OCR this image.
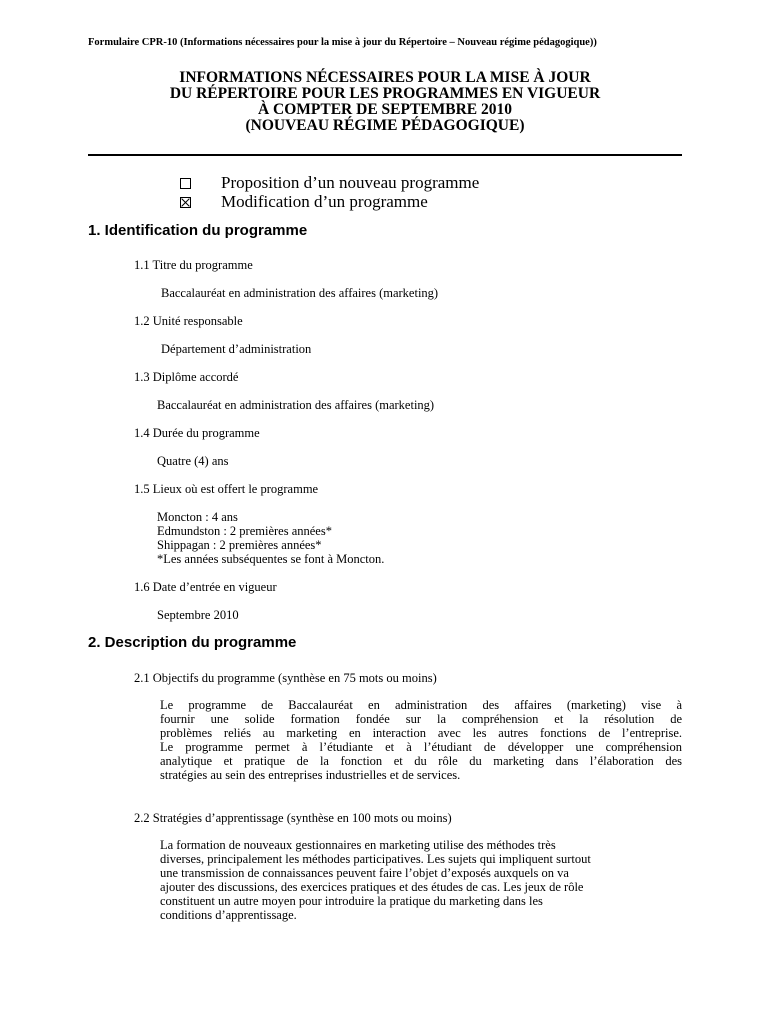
Formulaire CPR-10 (Informations nécessaires pour la mise à jour du Répertoire – Nouveau régime pédagogique))
INFORMATIONS NÉCESSAIRES POUR LA MISE À JOUR
DU RÉPERTOIRE POUR LES PROGRAMMES EN VIGUEUR
À COMPTER DE SEPTEMBRE 2010
(NOUVEAU RÉGIME PÉDAGOGIQUE)
Proposition d’un nouveau programme
Modification d’un programme
1. Identification du programme
1.1 Titre du programme
Baccalauréat en administration des affaires (marketing)
1.2 Unité responsable
Département d’administration
1.3 Diplôme accordé
Baccalauréat en administration des affaires (marketing)
1.4 Durée du programme
Quatre (4) ans
1.5 Lieux où est offert le programme
Moncton : 4 ans
Edmundston : 2 premières années*
Shippagan : 2 premières années*
*Les années subséquentes se font à Moncton.
1.6 Date d’entrée en vigueur
Septembre 2010
2. Description du programme
2.1 Objectifs du programme (synthèse en 75 mots ou moins)
Le programme de Baccalauréat en administration des affaires (marketing) vise à
fournir une solide formation fondée sur la compréhension et la résolution de
problèmes reliés au marketing en interaction avec les autres fonctions de l’entreprise.
Le programme permet à l’étudiante et à l’étudiant de développer une compréhension
analytique et pratique de la fonction et du rôle du marketing dans l’élaboration des
stratégies au sein des entreprises industrielles et de services.
2.2 Stratégies d’apprentissage (synthèse en 100 mots ou moins)
La formation de nouveaux gestionnaires en marketing utilise des méthodes très
diverses, principalement les méthodes participatives. Les sujets qui impliquent surtout
une transmission de connaissances peuvent faire l’objet d’exposés auxquels on va
ajouter des discussions, des exercices pratiques et des études de cas. Les jeux de rôle
constituent un autre moyen pour introduire la pratique du marketing dans les
conditions d’apprentissage.
